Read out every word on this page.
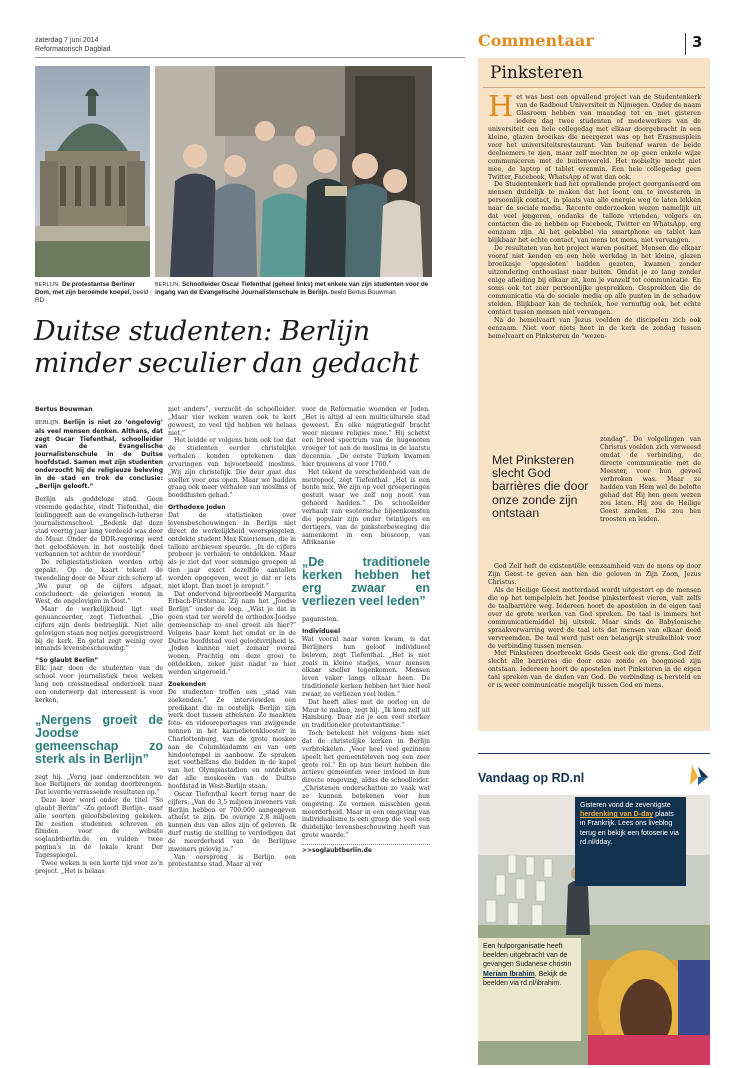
zaterdag 7 juni 2014
Reformatorisch Dagblad
BERLIJN. De protestantse Berliner Dom, met zijn beroemde koepel. beeld RD
BERLIJN. Schoolleider Oscar Tiefenthal (geheel links) met enkele van zijn studenten voor de ingang van de Evangelische Journalistenschule in Berlijn. beeld Bertus Bouwman
Duitse studenten: Berlijn
minder seculier dan gedacht
Bertus Bouwman

BERLIJN. Berlijn is niet zo ‘ongelovig’ als veel mensen denken. Althans, dat zegt Oscar Tiefenthal, schoolleider van de Evangelische Journalistenschule in de Duitse hoofdstad. Samen met zijn studenten onderzocht hij de religieuze beleving in de stad en trok de conclusie: „Berlijn gelooft.”

Berlijn als goddeloze stad. Geen vreemde gedachte, vindt Tiefenthal, die leidinggeeft aan de evangelisch-lutherse journalistenschool. „Bedenk dat deze stad veertig jaar lang verdeeld was door de Muur. Onder de DDR-regering werd het geloofsleven in het oostelijk deel verbannen tot achter de voordeur.”

De religiestatistieken worden erbij gepakt. Op de kaart tekent de tweedeling door de Muur zich scherp af. „We puur op de cijfers afgaat, concludeert: de gelovigen wonen in West, de ongelovigen in Oost.”

Maar de werkelijkheid ligt veel genuanceerder, zegt Tiefenthal. „Die cijfers zijn deels bedrieglijk. Niet alle gelovigen staan nog netjes geregistreerd bij de kerk. En getal zegt weinig over iemands levensbeschouwing.”

“So glaubt Berlin”

Elk jaar doen de studenten van de school voor journalistiek twee weken lang een crossmediaal onderzoek naar een onderwerp dat interessant is voor kerken,

„Nergens groeit de Joodse gemeenschap zo sterk als in Berlijn”

zegt hij. „Vorig jaar onderzochten we hoe Berlijners de zondag doorbrengen. Dat leverde verrassende resultaten op.”

Deze keer word onder de titel “So glaubt Berlin” –Zo gelooft Berlijn– naar alle soorten geloofsbeleving gekeken. De zestien studenten schreven en filmden voor de website soglaubtberlin.de en vulden twee pagina’s in de lokale krant Der Tagesspiegel.

Twee weken is een korte tijd voor zo’n project. „Het is helaas

niet anders”, verzucht de schoolleider. „Maar vier weken waren ook te kort geweest, zo veel tijd hebben we helaas niet.”

Het leidde er volgens hem ook toe dat de studenten eerder christelijke verhalen konden optekenen dan ervaringen van bijvoorbeeld moslims. „Wij zijn christelijk. Die deur gaat dus sneller voor ons open. Maar we hadden graag ook meer verhalen van moslims of boeddhisten gehad.”

Orthodoxe Joden

Dat de statistieken over levensbeschouwingen in Berlijn niet direct de werkelijkheid weerspiegelen, ontdekte student Max Knieriemen, die in talloze archieven speurde. „In de cijfers probeer je verhalen te ontdekken. Maar als je ziet dat voor sommige groepen al tien jaar exact dezelfde aantallen worden opgegeven, weet je dat er iets niet klopt. Dan moet je eropuit.”

Dat ondervond bijvoorbeeld Margarita Erbach-Fürstenau. Zij nam het „Joodse Berlijn” onder de loep. „Wist je dat in geen stad ter wereld de orthodox-Joodse gemeenschap zo snel groeit als hier?” Volgens haar komt het omdat er in de Duitse hoofdstad veel geloofsvrijheid is. „Joden kunnen niet zomaar overal wonen. Prachtig om deze groei te ontdekken, zeker juist nadat ze hier werden uitgeroeid.”

Zoekenden

De studenten troffen een „stad van zoekenden.” Ze interviewden een predikant die in oostelijk Berlijn zijn werk doet tussen atheïsten. Ze maakten foto- en videoreportages van zwijgende nonnen in het karmelietenklooster in Charlottenburg, van de grote moskee aan de Columbiadamm en van een hindoetempel in aanbouw. Ze spraken met voetbalfans die bidden in de kapel van het Olympiastadion en ontdekten dat alle moskeeën van de Duitse hoofdstad in West-Berlijn staan.

Oscar Tiefenthal keert terug naar de cijfers. „Van de 3,5 miljoen inwoners van Berlijn hebben er 700.000 aangegeven atheïst te zijn. De overige 2,8 miljoen kunnen dus van alles zijn of geloven. Ik durf rustig de stelling te verdedigen dat de meerderheid van de Berlijnse inwoners gelovig is.”

Van oorsprong is Berlijn een protestantse stad. Maar al ver

voor de Reformatie woonden er Joden. „Het is altijd al een multiculturele stad geweest. En elke migratiegolf bracht weer nieuwe religies mee.” Hij schetst een breed spectrum van de hugenoten vroeger tot aan de moslims in de laatste decennia. „De eerste Turken kwamen hier trouwens al voor 1700.”

Het tekent de verscheidenheid van de metropool, zegt Tiefenthal. „Het is een bonte mix. We zijn op veel groeperingen gestuit waar we zelf nog nooit van gehoord hadden.” De schoolleider verhaalt van esoterische bijeenkomsten die populair zijn onder twintigers en dertigers, van de pinksterbeweging die samenkomt in een bioscoop, van Afrikaanse

„De traditionele kerken hebben het erg zwaar en verliezen veel leden”

paganisten.

Individueel

Wat vooral naar voren kwam, is dat Berlijners hun geloof individueel beleven, zegt Tiefenthal. „Het is niet zoals in kleine stadjes, waar mensen elkaar sneller tegenkomen. Mensen leven vaker langs elkaar heen. De traditionele kerken hebben het hier heel zwaar, ze verliezen veel leden.”

Dat heeft alles met de oorlog en de Muur te maken, zegt hij. „Ik kom zelf uit Hamburg. Daar zie je een veel sterker en traditioneler protestantisme.”

Toch betekent het volgens hem niet dat de christelijke kerken in Berlijn verbrokkelen. „Voor heel veel gezinnen speelt het gemeenteleven nog een zeer grote rol.” En op hun beurt hebben die actieve gemeenten weer invloed in hun directe omgeving, aldus de schoolleider. „Christenen onderschatten zo vaak wat ze kunnen betekenen voor hun omgeving. Ze vormen misschien geen meerderheid. Maar in een omgeving van individualisme is een groep die veel een duidelijke levensbeschouwing heeft van grote waarde.”

>>soglaubtberlin.de
Commentaar	3
Pinksteren
H et was best een opvallend project van de Studentenkerk van de Radboud Universiteit in Nijmegen. Onder de naam Glasroom hebben van maandag tot en met gisteren iedere dag twee studenten of medewerkers van de universiteit een hele collegedag met elkaar doorgebracht in een kleine, glazen broeikas die neergezet was op het Erasmusplein voor het universiteitsrestaurant. Van buitenaf waren de beide deelnemers te zien, maar zelf mochten ze op geen enkele wijze communiceren met de buitenwereld. Het mobieltje mocht niet mee, de laptop of tablet evenmin. Een hele collegedag geen Twitter, Facebook, WhatsApp of wat dan ook.

De Studentenkerk had het opvallende project georganiseerd om mensen duidelijk te maken dat het loont om te investeren in persoonlijk contact, in plaats van alle energie weg te laten lekken naar de sociale media. Recente onderzoeken wezen namelijk uit dat veel jongeren, ondanks de talloze vrienden, volgers en contacten die ze hebben op Facebook, Twitter en WhatsApp, erg eenzaam zijn. Al het gebabbel via smartphone en tablet kan blijkbaar het echte contact, van mens tot mens, niet vervangen.

De resultaten van het project waren positief. Mensen die elkaar vooraf niet kenden en een hele werkdag in het kleine, glazen broeikasje ‘opgesloten’ hadden gezeten, kwamen zonder uitzondering enthousiast naar buiten. Omdat je zo lang zonder enige afleiding bij elkaar zit, kom je vanzelf tot communicatie. En soms ook tot zeer persoonlijke gesprekken. Gesprekken die de communicatie via de sociale media op alle punten in de schaduw stelden. Blijkbaar kan de techniek, hoe vernuftig ook, het echte contact tussen mensen niet vervangen.

Na de hemelvaart van Jezus voelden de discipelen zich ook eenzaam. Niet voor niets heet in de kerk de zondag tussen hemelvaart en Pinksteren de “wezen-

Met Pinksteren slecht God barrières die door onze zonde zijn ontstaan
zondag”. De volgelingen van Christus voelden zich verweesd omdat de verbinding, de directe communicatie met de Meester, voor hun gevoel verbroken was. Maar ze hadden van Hem wel de belofte gehad dat Hij hen geen wezen zou laten. Hij zou de Heilige Geest zenden. Die zou hen troosten en leiden.

God Zelf heft de existentiële eenzaamheid van de mens op door Zijn Geest te geven aan hen die geloven in Zijn Zoon, Jezus Christus.

Als de Heilige Geest metterdaad wordt uitgestort op de mensen die op het tempelplein het Joodse pinksterfeest vieren, valt zelfs de taalbarrière weg. Iedereen hoort de apostelen in de eigen taal over de grote werken van God spreken. De taal is immers het communicatiemiddel bij uitstek. Maar sinds de Babylonische spraakverwarring werd de taal iets dat mensen van elkaar deed vervreemden. De taal werd juist een belangrijk struikelblok voor de verbinding tussen mensen.

Met Pinksteren doorbreekt Gods Geest ook die grens. God Zelf slecht alle barrières die door onze zonde en hoogmoed zijn ontstaan. Iedereen hoort de apostelen met Pinksteren in de eigen taal spreken van de daden van God. De verbinding is hersteld en er is weer communicatie mogelijk tussen God en mens.

Vandaag op RD.nl
Gisteren vond de zeventigste herdenking van D-day plaats in Frankrijk. Lees ons liveblog terug en bekijk een fotoserie via rd.nl/dday.
Een hulporganisatie heeft beelden uitgebracht van de gevangen Sudanese christin Meriam Ibrahim. Bekijk de beelden via rd.nl/ibrahim.
